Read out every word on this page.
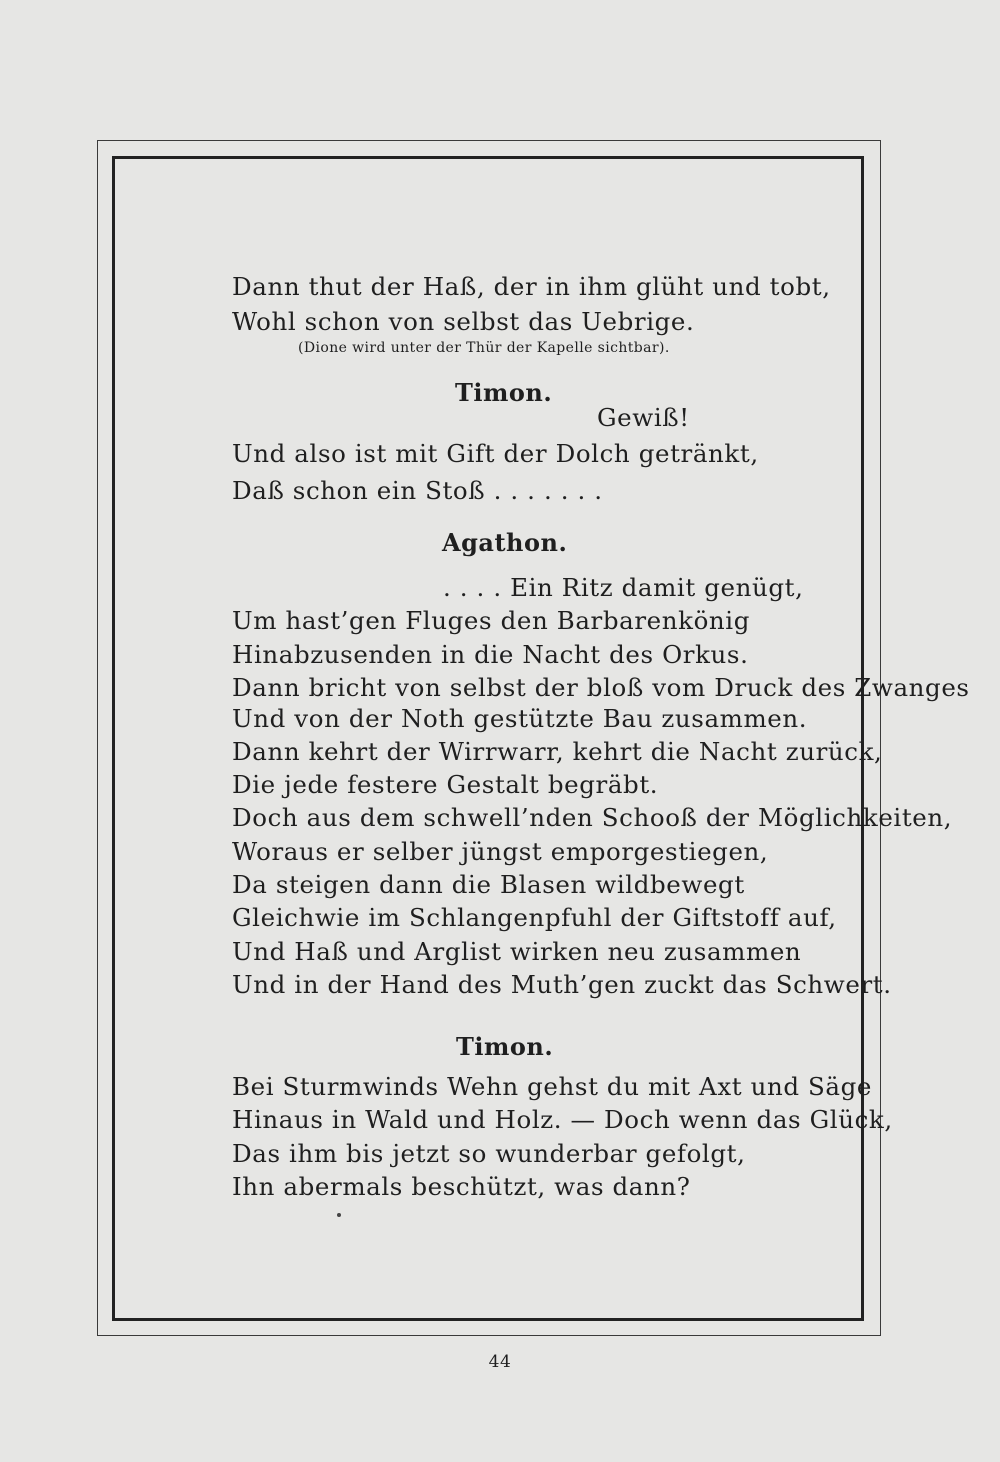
Dann thut der Haß, der in ihm glüht und tobt,
Wohl schon von selbst das Uebrige.
(Dione wird unter der Thür der Kapelle sichtbar).
Timon.
Gewiß!
Und also ist mit Gift der Dolch getränkt,
Daß schon ein Stoß . . . . . . .
Agathon.
. . . . Ein Ritz damit genügt,
Um hast’gen Fluges den Barbarenkönig
Hinabzusenden in die Nacht des Orkus.
Dann bricht von selbst der bloß vom Druck des Zwanges
Und von der Noth gestützte Bau zusammen.
Dann kehrt der Wirrwarr, kehrt die Nacht zurück,
Die jede festere Gestalt begräbt.
Doch aus dem schwell’nden Schooß der Möglichkeiten,
Woraus er selber jüngst emporgestiegen,
Da steigen dann die Blasen wildbewegt
Gleichwie im Schlangenpfuhl der Giftstoff auf,
Und Haß und Arglist wirken neu zusammen
Und in der Hand des Muth’gen zuckt das Schwert.
Timon.
Bei Sturmwinds Wehn gehst du mit Axt und Säge
Hinaus in Wald und Holz. — Doch wenn das Glück,
Das ihm bis jetzt so wunderbar gefolgt,
Ihn abermals beschützt, was dann?
44
